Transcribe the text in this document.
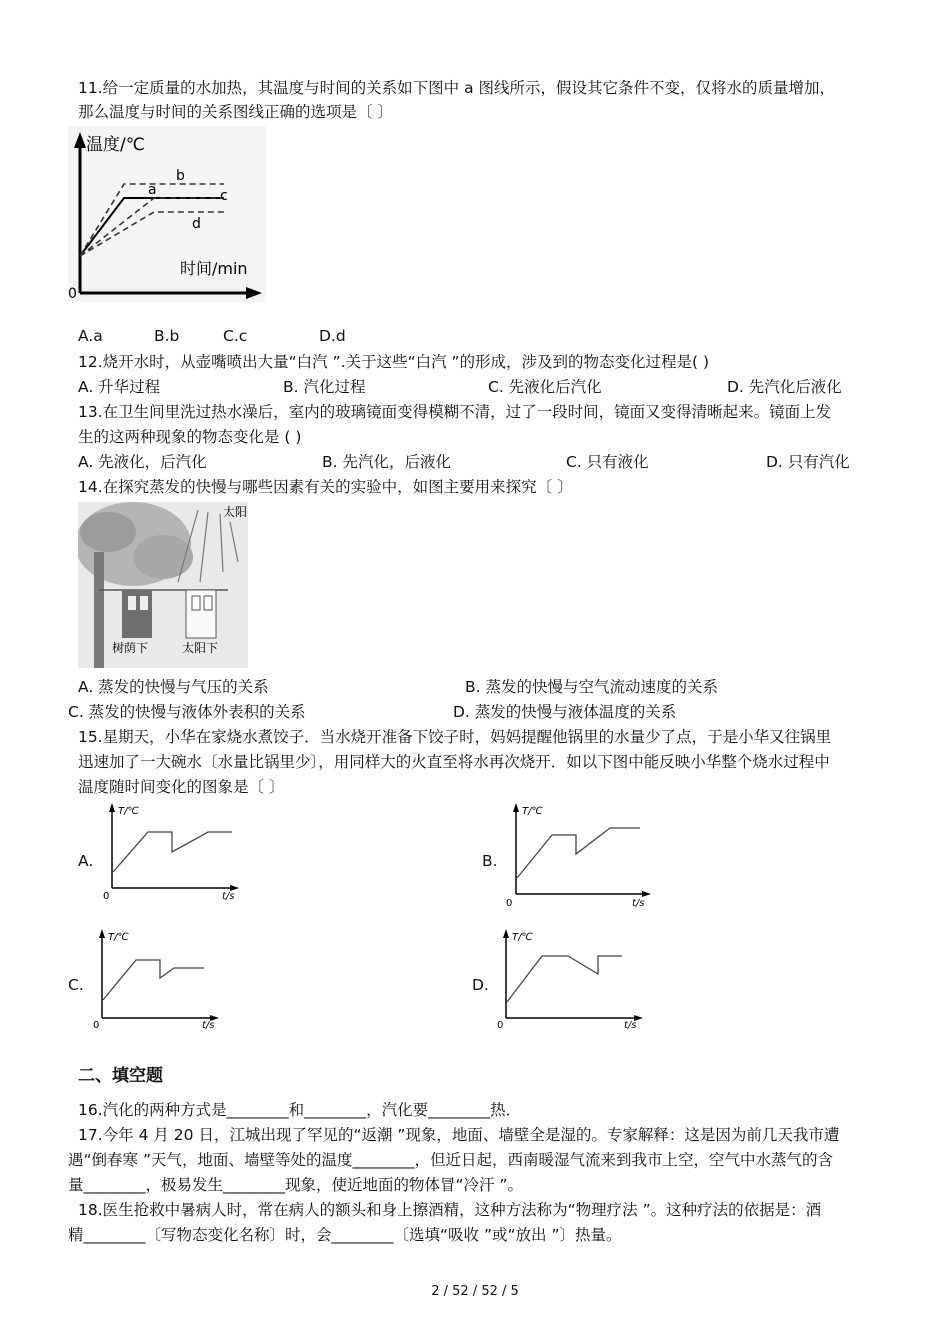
11.给一定质量的水加热，其温度与时间的关系如下图中 a 图线所示，假设其它条件不变，仅将水的质量增加，
那么温度与时间的关系图线正确的选项是〔 〕
温度/℃
时间/min
0
a
b
c
d
A.a	B.b	C.c	D.d
12.烧开水时，从壶嘴喷出大量“白汽 ”.关于这些“白汽 ”的形成，涉及到的物态变化过程是( )
A. 升华过程	B. 汽化过程	C. 先液化后汽化	D. 先汽化后液化
13.在卫生间里洗过热水澡后，室内的玻璃镜面变得模糊不清，过了一段时间，镜面又变得清晰起来。镜面上发
生的这两种现象的物态变化是 ( )
A. 先液化，后汽化	B. 先汽化，后液化	C. 只有液化	D. 只有汽化
14.在探究蒸发的快慢与哪些因素有关的实验中，如图主要用来探究〔 〕
太阳
树荫下	太阳下
A. 蒸发的快慢与气压的关系	B. 蒸发的快慢与空气流动速度的关系
C. 蒸发的快慢与液体外表积的关系	D. 蒸发的快慢与液体温度的关系
15.星期天，小华在家烧水煮饺子．当水烧开准备下饺子时，妈妈提醒他锅里的水量少了点，于是小华又往锅里
迅速加了一大碗水〔水量比锅里少〕，用同样大的火直至将水再次烧开．如以下图中能反映小华整个烧水过程中
温度随时间变化的图象是〔 〕
A.
T/℃
t/s
0
B.
T/℃
t/s
0
C.
T/℃
t/s
0
D.
T/℃
t/s
0
二、填空题
16.汽化的两种方式是________和________，汽化要________热．
17.今年 4 月 20 日，江城出现了罕见的“返潮 ”现象，地面、墙壁全是湿的。专家解释：这是因为前几天我市遭
遇“倒春寒 ”天气，地面、墙壁等处的温度________，但近日起，西南暖湿气流来到我市上空，空气中水蒸气的含
量________，极易发生________现象，使近地面的物体冒“冷汗 ”。
18.医生抢救中暑病人时，常在病人的额头和身上擦酒精，这种方法称为“物理疗法 ”。这种疗法的依据是：酒
精________〔写物态变化名称〕时，会________〔选填“吸收 ”或“放出 ”〕热量。
2 / 52 / 52 / 5
